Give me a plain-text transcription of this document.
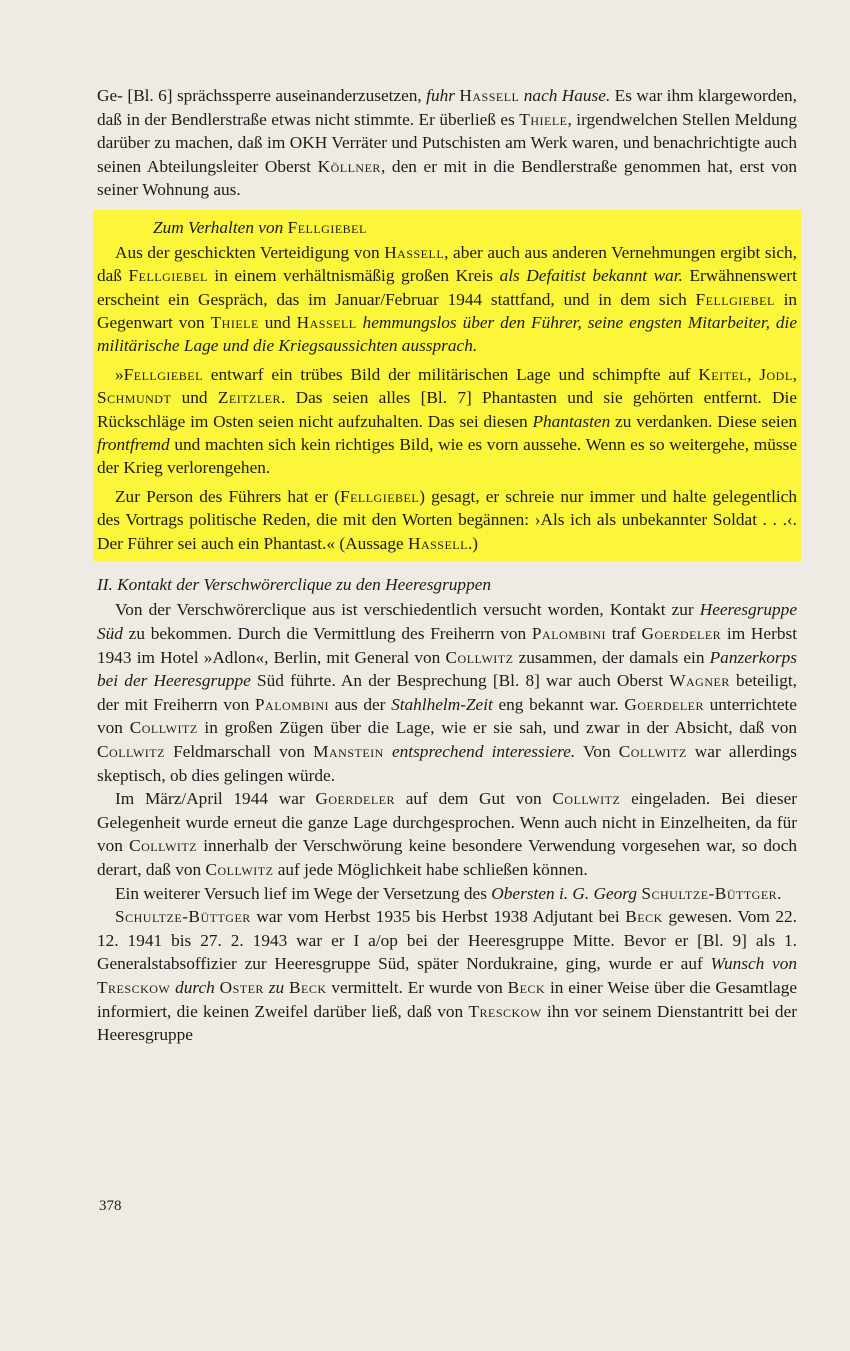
Ge- [Bl. 6] sprächssperre auseinanderzusetzen, fuhr Hassell nach Hause. Es war ihm klargeworden, daß in der Bendlerstraße etwas nicht stimmte. Er überließ es Thiele, irgendwelchen Stellen Meldung darüber zu machen, daß im OKH Verräter und Putschisten am Werk waren, und benachrichtigte auch seinen Abteilungsleiter Oberst Köllner, den er mit in die Bendlerstraße genommen hat, erst von seiner Wohnung aus.

Zum Verhalten von Fellgiebel

Aus der geschickten Verteidigung von Hassell, aber auch aus anderen Vernehmungen ergibt sich, daß Fellgiebel in einem verhältnismäßig großen Kreis als Defaitist bekannt war. Erwähnenswert erscheint ein Gespräch, das im Januar/Februar 1944 stattfand, und in dem sich Fellgiebel in Gegenwart von Thiele und Hassell hemmungslos über den Führer, seine engsten Mitarbeiter, die militärische Lage und die Kriegsaussichten aussprach.

»Fellgiebel entwarf ein trübes Bild der militärischen Lage und schimpfte auf Keitel, Jodl, Schmundt und Zeitzler. Das seien alles [Bl. 7] Phantasten und sie gehörten entfernt. Die Rückschläge im Osten seien nicht aufzuhalten. Das sei diesen Phantasten zu verdanken. Diese seien frontfremd und machten sich kein richtiges Bild, wie es vorn aussehe. Wenn es so weitergehe, müsse der Krieg verlorengehen.

Zur Person des Führers hat er (Fellgiebel) gesagt, er schreie nur immer und halte gelegentlich des Vortrags politische Reden, die mit den Worten begännen: ›Als ich als unbekannter Soldat . . .‹. Der Führer sei auch ein Phantast.« (Aussage Hassell.)

II. Kontakt der Verschwörerclique zu den Heeresgruppen

Von der Verschwörerclique aus ist verschiedentlich versucht worden, Kontakt zur Heeresgruppe Süd zu bekommen. Durch die Vermittlung des Freiherrn von Palombini traf Goerdeler im Herbst 1943 im Hotel »Adlon«, Berlin, mit General von Collwitz zusammen, der damals ein Panzerkorps bei der Heeresgruppe Süd führte. An der Besprechung [Bl. 8] war auch Oberst Wagner beteiligt, der mit Freiherrn von Palombini aus der Stahlhelm-Zeit eng bekannt war. Goerdeler unterrichtete von Collwitz in großen Zügen über die Lage, wie er sie sah, und zwar in der Absicht, daß von Collwitz Feldmarschall von Manstein entsprechend interessiere. Von Collwitz war allerdings skeptisch, ob dies gelingen würde.

Im März/April 1944 war Goerdeler auf dem Gut von Collwitz eingeladen. Bei dieser Gelegenheit wurde erneut die ganze Lage durchgesprochen. Wenn auch nicht in Einzelheiten, da für von Collwitz innerhalb der Verschwörung keine besondere Verwendung vorgesehen war, so doch derart, daß von Collwitz auf jede Möglichkeit habe schließen können.

Ein weiterer Versuch lief im Wege der Versetzung des Obersten i. G. Georg Schultze-Büttger.

Schultze-Büttger war vom Herbst 1935 bis Herbst 1938 Adjutant bei Beck gewesen. Vom 22. 12. 1941 bis 27. 2. 1943 war er I a/op bei der Heeresgruppe Mitte. Bevor er [Bl. 9] als 1. Generalstabsoffizier zur Heeresgruppe Süd, später Nordukraine, ging, wurde er auf Wunsch von Tresckow durch Oster zu Beck vermittelt. Er wurde von Beck in einer Weise über die Gesamtlage informiert, die keinen Zweifel darüber ließ, daß von Tresckow ihn vor seinem Dienstantritt bei der Heeresgruppe

378
